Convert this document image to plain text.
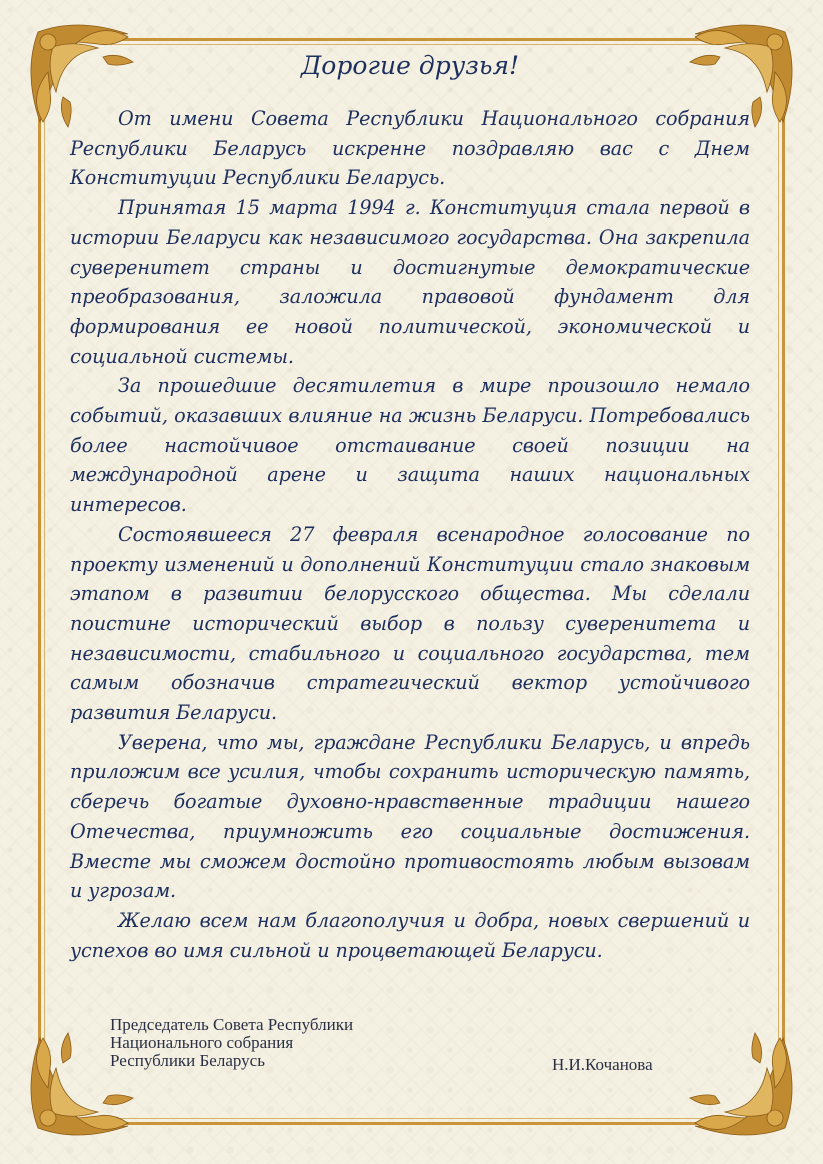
Дорогие друзья!

От имени Совета Республики Национального собрания Республики Беларусь искренне поздравляю вас с Днем Конституции Республики Беларусь.

Принятая 15 марта 1994 г. Конституция стала первой в истории Беларуси как независимого государства. Она закрепила суверенитет страны и достигнутые демократические преобразования, заложила правовой фундамент для формирования ее новой политической, экономической и социальной системы.

За прошедшие десятилетия в мире произошло немало событий, оказавших влияние на жизнь Беларуси. Потребовались более настойчивое отстаивание своей позиции на международной арене и защита наших национальных интересов.

Состоявшееся 27 февраля всенародное голосование по проекту изменений и дополнений Конституции стало знаковым этапом в развитии белорусского общества. Мы сделали поистине исторический выбор в пользу суверенитета и независимости, стабильного и социального государства, тем самым обозначив стратегический вектор устойчивого развития Беларуси.

Уверена, что мы, граждане Республики Беларусь, и впредь приложим все усилия, чтобы сохранить историческую память, сберечь богатые духовно-нравственные традиции нашего Отечества, приумножить его социальные достижения. Вместе мы сможем достойно противостоять любым вызовам и угрозам.

Желаю всем нам благополучия и добра, новых свершений и успехов во имя сильной и процветающей Беларуси.

Председатель Совета Республики
Национального собрания
Республики Беларусь	Н.И.Кочанова
